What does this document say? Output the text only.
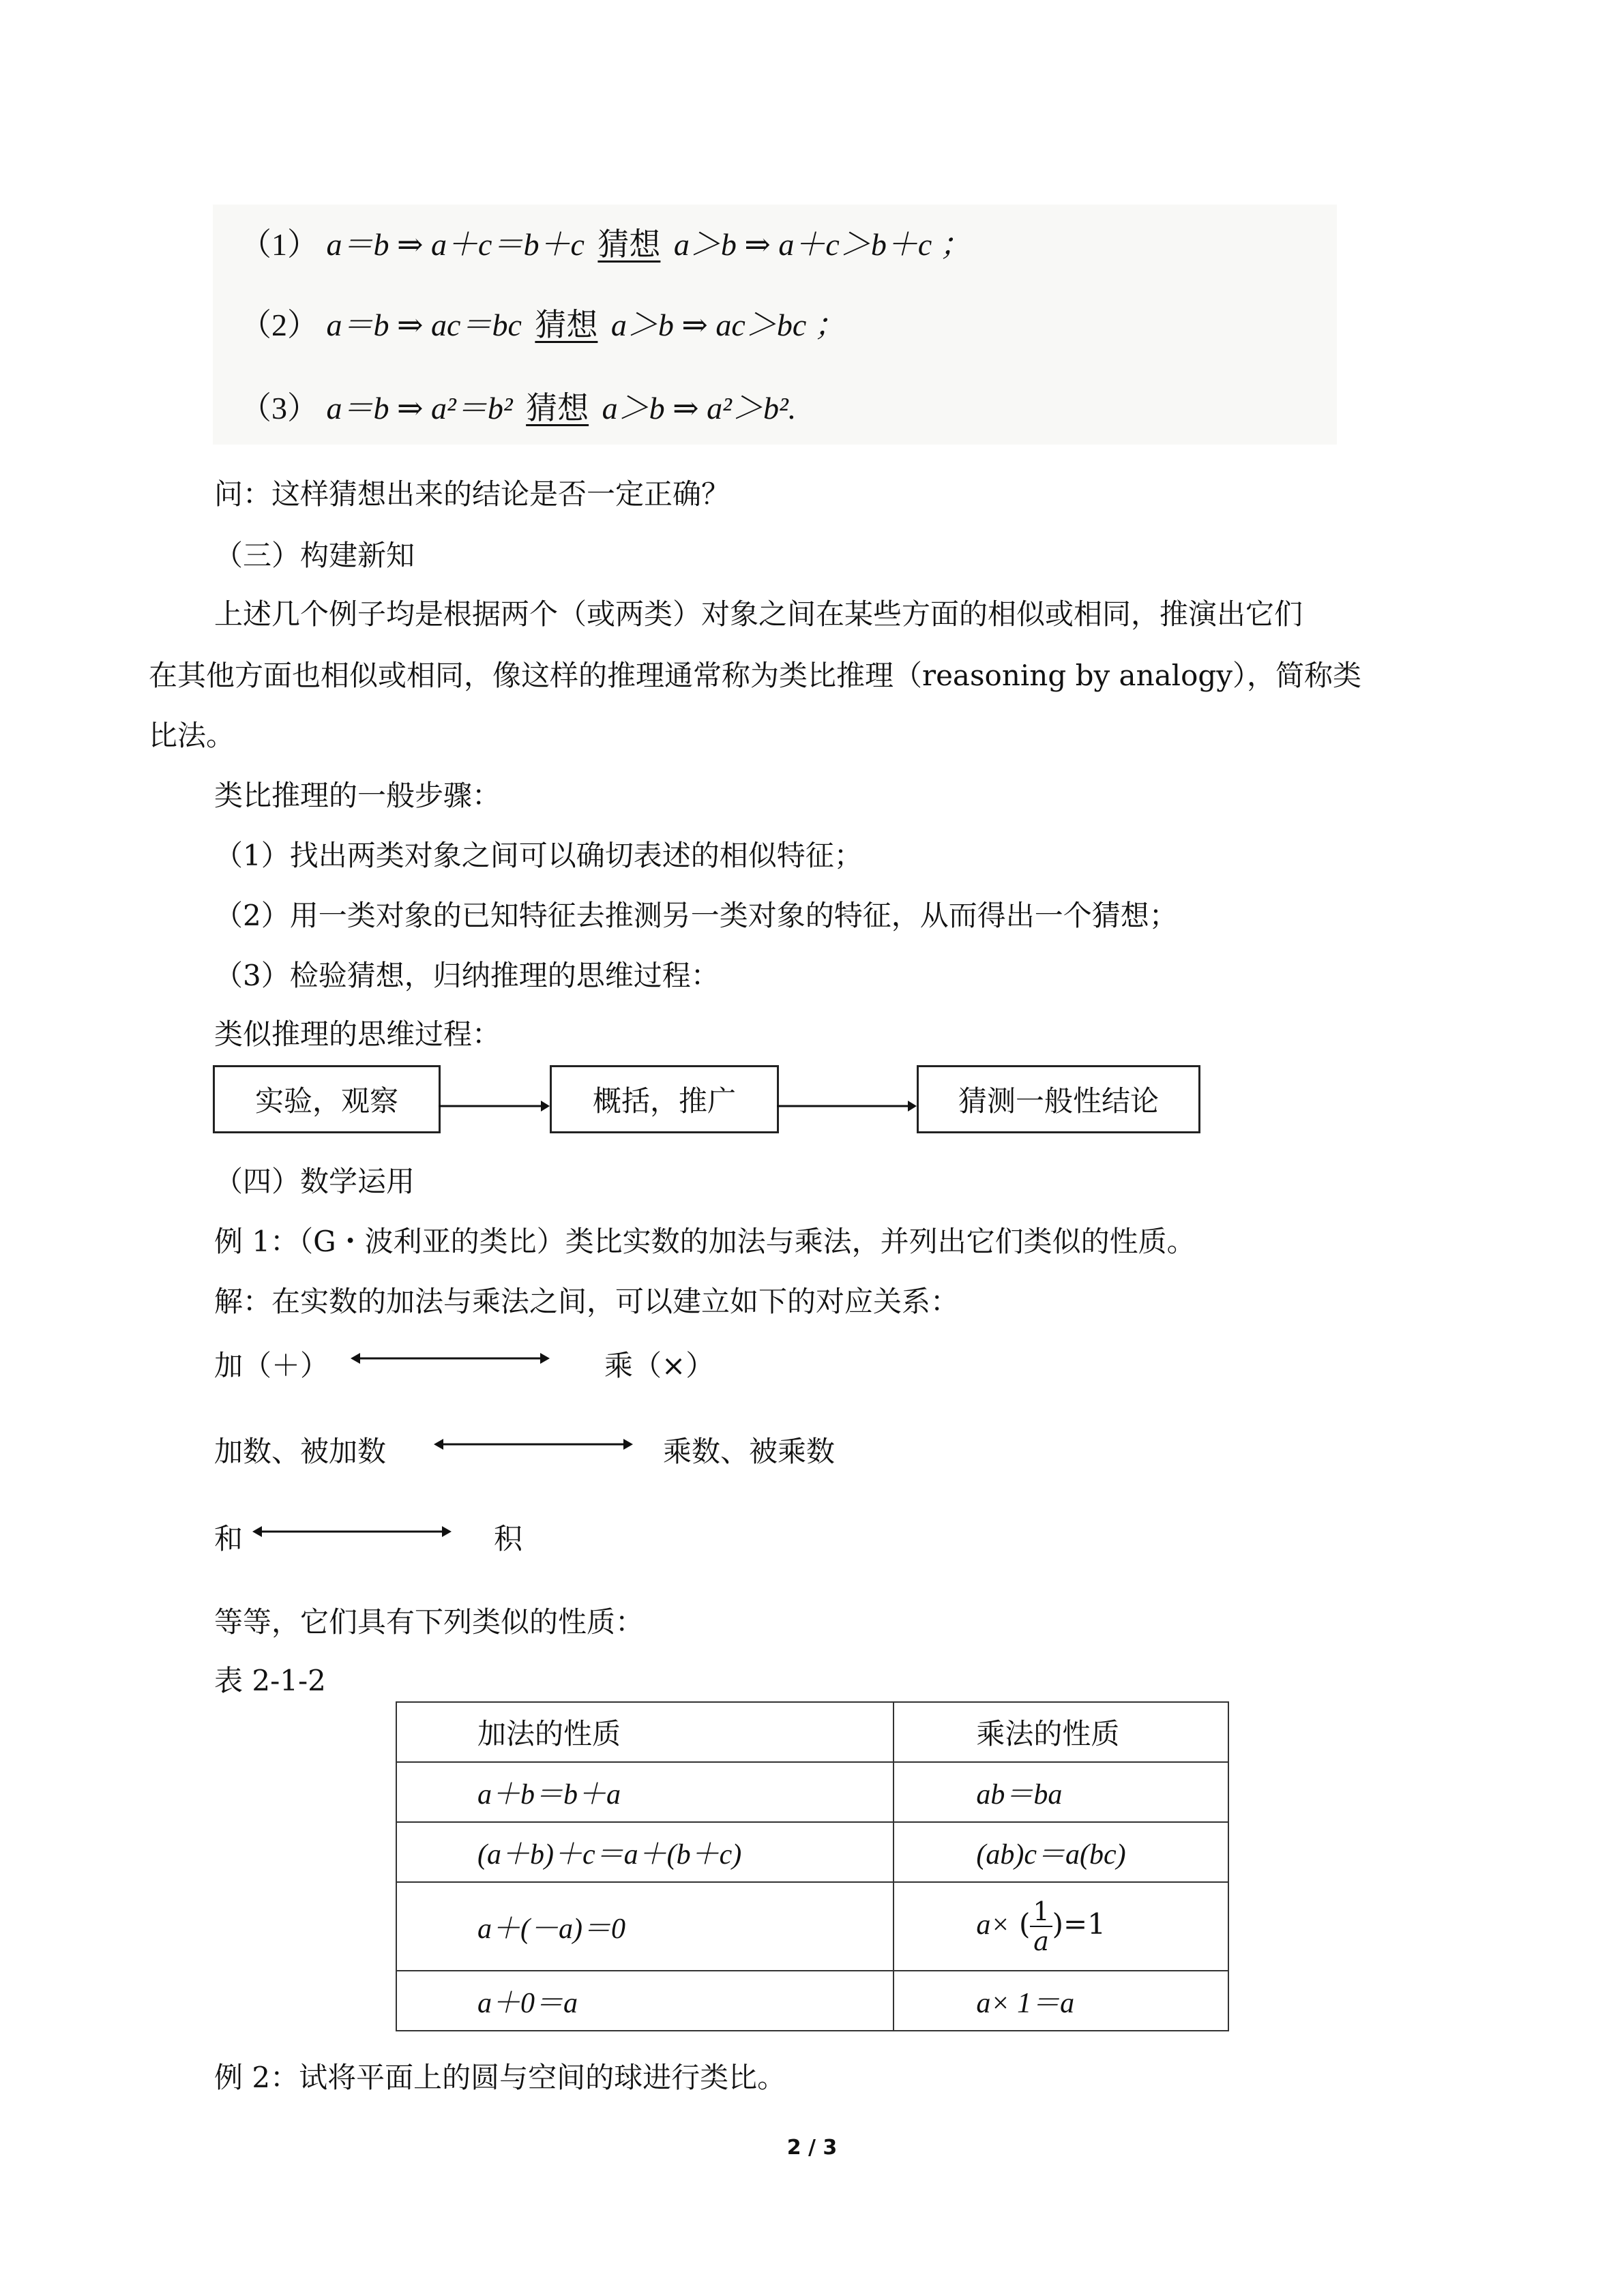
（1） a＝b ⇒ a＋c＝b＋c 猜想 a＞b ⇒ a＋c＞b＋c ；
（2） a＝b ⇒ ac＝bc 猜想 a＞b ⇒ ac＞bc ；
（3） a＝b ⇒ a²＝b² 猜想 a＞b ⇒ a²＞b².
问：这样猜想出来的结论是否一定正确？
（三）构建新知
上述几个例子均是根据两个（或两类）对象之间在某些方面的相似或相同，推演出它们
在其他方面也相似或相同，像这样的推理通常称为类比推理（reasoning by analogy），简称类
比法。
类比推理的一般步骤：
（1）找出两类对象之间可以确切表述的相似特征；
（2）用一类对象的已知特征去推测另一类对象的特征，从而得出一个猜想；
（3）检验猜想，归纳推理的思维过程：
类似推理的思维过程：
实验，观察	概括，推广	猜测一般性结论
（四）数学运用
例 1：（G・波利亚的类比）类比实数的加法与乘法，并列出它们类似的性质。
解：在实数的加法与乘法之间，可以建立如下的对应关系：
加（＋）	乘（×）
加数、被加数	乘数、被乘数
和	积
等等，它们具有下列类似的性质：
表 2-1-2
加法的性质	乘法的性质
a＋b＝b＋a	ab＝ba
(a＋b)＋c＝a＋(b＋c)	(ab)c＝a(bc)
a＋(－a)＝0	a× ( $\frac{1}{a} )=1$
a＋0＝a	a× 1＝a
例 2：试将平面上的圆与空间的球进行类比。
2 / 3
